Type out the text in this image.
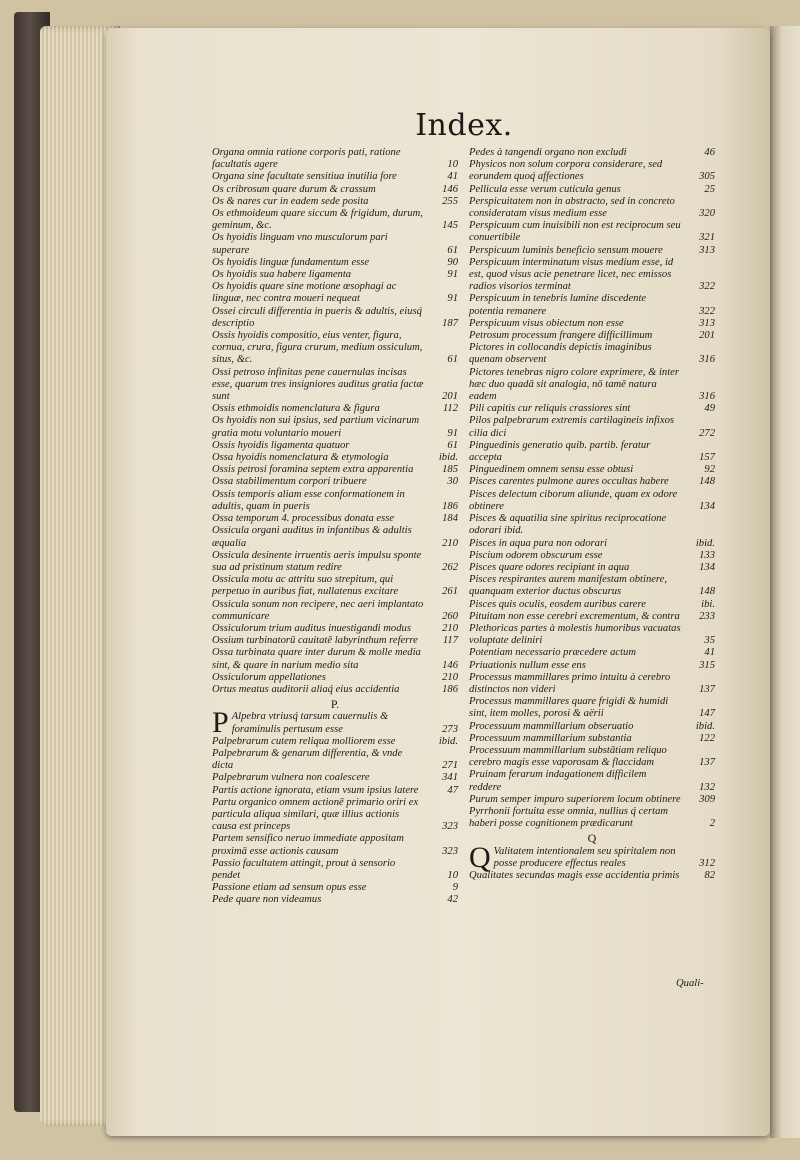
Index.
Organa omnia ratione corporis pati, ratione facultatis agere	10
Organa sine facultate sensitiua inutilia fore	41
Os cribrosum quare durum & crassum	146
Os & nares cur in eadem sede posita	255
Os ethmoideum quare siccum & frigidum, durum, geminum, &c.	145
Os hyoidis linguam vno musculorum pari superare	61
Os hyoidis linguæ fundamentum esse	90
Os hyoidis sua habere ligamenta	91
Os hyoidis quare sine motione œsophagi ac linguæ, nec contra moueri nequeat	91
Ossei circuli differentia in pueris & adultis, eiusq́ descriptio	187
Ossis hyoidis compositio, eius venter, figura, cornua, crura, figura crurum, medium ossiculum, situs, &c.	61
Ossi petroso infinitas pene cauernulas incisas esse, quarum tres insigniores auditus gratia factæ sunt	201
Ossis ethmoidis nomenclatura & figura	112
Os hyoidis non sui ipsius, sed partium vicinarum gratia motu voluntario moueri	91
Ossis hyoidis ligamenta quatuor	61
Ossa hyoidis nomenclatura & etymologia	ibid.
Ossis petrosi foramina septem extra apparentia	185
Ossa stabilimentum corpori tribuere	30
Ossis temporis aliam esse conformationem in adultis, quam in pueris	186
Ossa temporum 4. processibus donata esse	184
Ossicula organi auditus in infantibus & adultis æqualia	210
Ossicula desinente irruentis aeris impulsu sponte sua ad pristinum statum redire	262
Ossicula motu ac attritu suo strepitum, qui perpetuo in auribus fiat, nullatenus excitare	261
Ossicula sonum non recipere, nec aeri implantato communicare	260
Ossiculorum trium auditus inuestigandi modus	210
Ossium turbinatorū cauitatē labyrinthum referre	117
Ossa turbinata quare inter durum & molle media sint, & quare in narium medio sita	146
Ossiculorum appellationes	210
Ortus meatus auditorii aliaq́ eius accidentia	186
P.
P Alpebra vtriusq́ tarsum cauernulis & foraminulis pertusum esse	273
Palpebrarum cutem reliqua molliorem esse	ibid.
Palpebrarum & genarum differentia, & vnde dicta	271
Palpebrarum vulnera non coalescere	341
Partis actione ignorata, etiam vsum ipsius latere	47
Partu organico omnem actionē primario oriri ex particula aliqua similari, quæ illius actionis causa est princeps	323
Partem sensifico neruo immediate appositam proximā esse actionis causam	323
Passio facultatem attingit, prout à sensorio pendet	10
Passione etiam ad sensum opus esse	9
Pede quare non videamus	42
Pedes à tangendi organo non excludi	46
Physicos non solum corpora considerare, sed eorundem quoq́ affectiones	305
Pellicula esse verum cuticula genus	25
Perspicuitatem non in abstracto, sed in concreto consideratam visus medium esse	320
Perspicuum cum inuisibili non est reciprocum seu conuertibile	321
Perspicuum luminis beneficio sensum mouere	313
Perspicuum interminatum visus medium esse, id est, quod visus acie penetrare licet, nec emissos radios visorios terminat	322
Perspicuum in tenebris lumine discedente potentia remanere	322
Perspicuum visus obiectum non esse	313
Petrosum processum frangere difficillimum	201
Pictores in collocandis depictis imaginibus quenam observent	316
Pictores tenebras nigro colore exprimere, & inter hæc duo quadā sit analogia, nō tamē natura eadem	316
Pili capitis cur reliquis crassiores sint	49
Pilos palpebrarum extremis cartilagineis infixos cilia dici	272
Pinguedinis generatio quib. partib. feratur accepta	157
Pinguedinem omnem sensu esse obtusi	92
Pisces carentes pulmone aures occultas habere	148
Pisces delectum ciborum aliunde, quam ex odore obtinere	134
Pisces & aquatilia sine spiritus reciprocatione odorari ibid.
Pisces in aqua pura non odorari	ibid.
Piscium odorem obscurum esse	133
Pisces quare odores recipiant in aqua	134
Pisces respirantes aurem manifestam obtinere, quanquam exterior ductus obscurus	148
Pisces quis oculis, eosdem auribus carere	ibi.
Pituitam non esse cerebri excrementum, & contra	233
Plethoricas partes à molestis humoribus vacuatas voluptate deliniri	35
Potentiam necessario præcedere actum	41
Priuationis nullum esse ens	315
Processus mammillares primo intuitu à cerebro distinctos non videri	137
Processus mammillares quare frigidi & humidi sint, item molles, porosi & aërii	147
Processuum mammillarium obseruatio	ibid.
Processuum mammillarium substantia	122
Processuum mammillarium substātiam reliquo cerebro magis esse vaporosam & flaccidam	137
Pruinam ferarum indagationem difficilem reddere	132
Purum semper impuro superiorem locum obtinere	309
Pyrrhonii fortuita esse omnia, nullius q́ certam haberi posse cognitionem prædicarunt	2
Q
Q Valitatem intentionalem seu spiritalem non posse producere effectus reales	312
Qualitates secundas magis esse accidentia primis	82
Quali-
